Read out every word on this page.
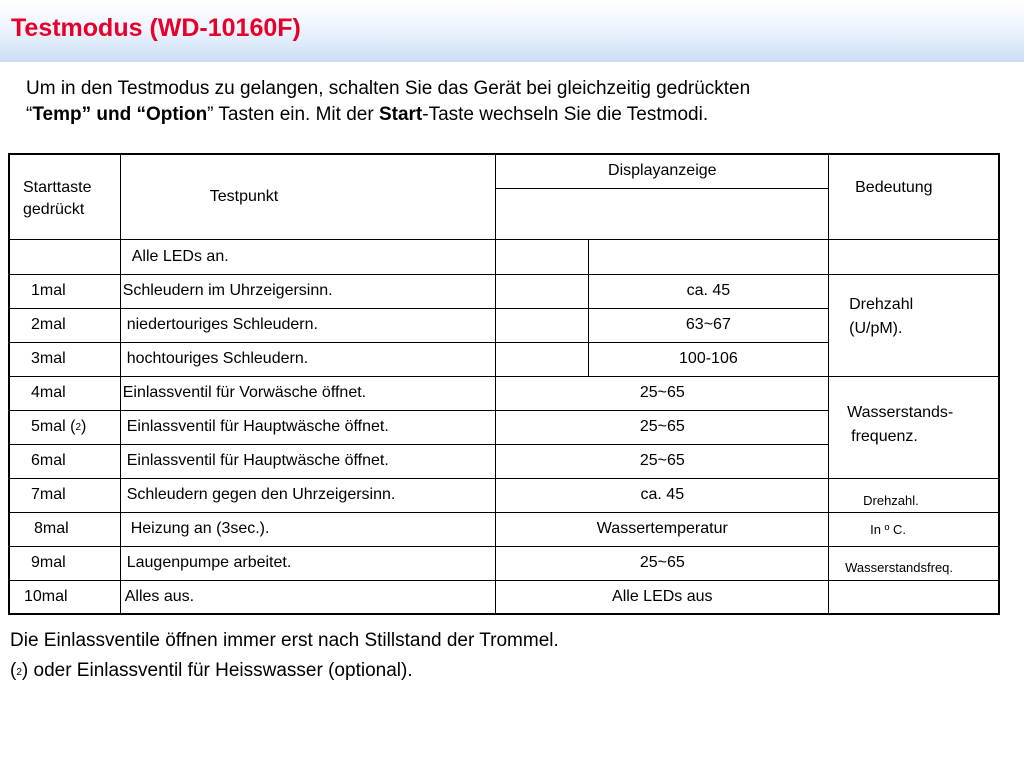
Testmodus (WD-10160F)
Um in den Testmodus zu gelangen, schalten Sie das Gerät bei gleichzeitig gedrückten
“Temp” und “Option” Tasten ein. Mit der Start-Taste wechseln Sie die Testmodi.
Starttaste
gedrückt	Testpunkt	Displayanzeige		Bedeutung

	Alle LEDs an.			
1mal	Schleudern im Uhrzeigersinn.		ca. 45	Drehzahl
(U/pM).

2mal	niedertouriges Schleudern.		63~67	
3mal	hochtouriges Schleudern.		100-106	
4mal	Einlassventil für Vorwäsche öffnet.	25~65		Wasserstands-
frequenz.

5mal (2)	Einlassventil für Hauptwäsche öffnet.	25~65		
6mal	Einlassventil für Hauptwäsche öffnet.	25~65		
7mal	Schleudern gegen den Uhrzeigersinn.	ca. 45		Drehzahl.
8mal	Heizung an (3sec.).	Wassertemperatur		In º C.
9mal	Laugenpumpe arbeitet.	25~65		Wasserstandsfreq.
10mal	Alles aus.	Alle LEDs aus		
Die Einlassventile öffnen immer erst nach Stillstand der Trommel.
(2) oder Einlassventil für Heisswasser (optional).
